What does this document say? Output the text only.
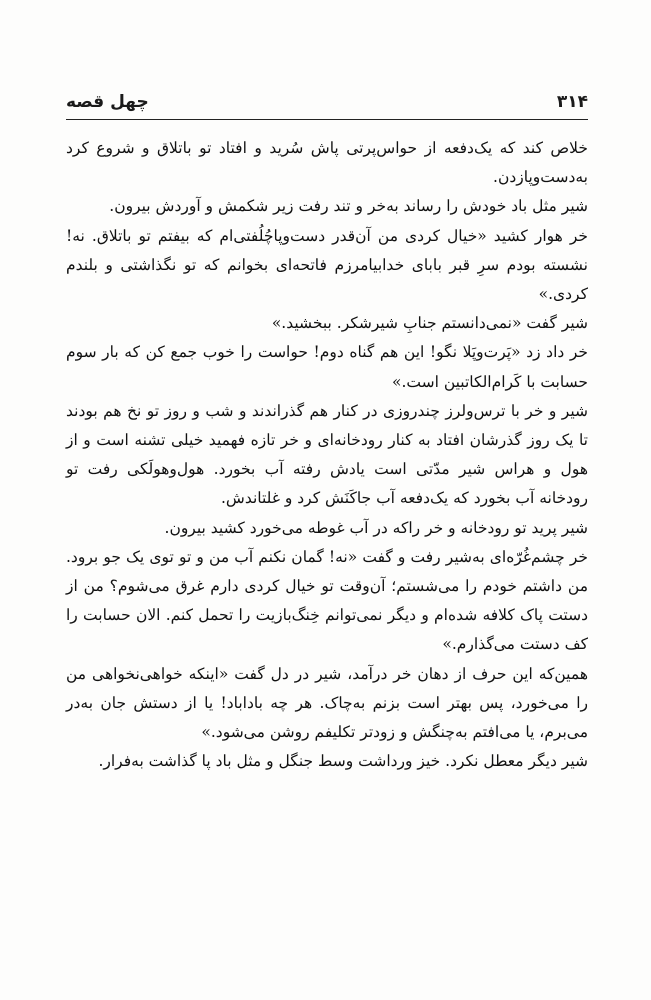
۳۱۴
چهل قصه

خلاص کند که یک‌دفعه از حواس‌پرتی پاش سُرید و افتاد تو باتلاق و شروع کرد به‌دست‌وپازدن.

شیر مثل باد خودش را رساند به‌خر و تند رفت زیر شکمش و آوردش بیرون.

خر هوار کشید «خیال کردی من آن‌قدر دست‌وپاچُلُفتی‌ام که بیفتم تو باتلاق. نه! نشسته بودم سرِ قبر بابای خدابیامرزم فاتحه‌ای بخوانم که تو نگذاشتی و بلندم کردی.»

شیر گفت «نمی‌دانستم جنابِ شیرشکر. ببخشید.»

خر داد زد «پَرت‌وپَلا نگو! این هم گناه دوم! حواست را خوب جمع کن که بار سوم حسابت با کَرام‌الکاتبین است.»

شیر و خر با ترس‌ولرز چندروزی در کنار هم گذراندند و شب و روز تو نخ هم بودند تا یک روز گذرشان افتاد به کنار رودخانه‌ای و خر تازه فهمید خیلی تشنه است و از هول و هراس شیر مدّتی است یادش رفته آب بخورد. هول‌وهولَکی رفت تو رودخانه آب بخورد که یک‌دفعه آب جاکَنَش کرد و غلتاندش.

شیر پرید تو رودخانه و خر راکه در آب غوطه می‌خورد کشید بیرون.

خر چشم‌غُرّه‌ای به‌شیر رفت و گفت «نه! گمان نکنم آب من و تو توی یک جو برود. من داشتم خودم را می‌شستم؛ آن‌وقت تو خیال کردی دارم غرق می‌شوم؟ من از دستت پاک کلافه شده‌ام و دیگر نمی‌توانم خِنگ‌بازیت را تحمل کنم. الان حسابت را کف دستت می‌گذارم.»

همین‌که این حرف از دهان خر درآمد، شیر در دل گفت «اینکه خواهی‌نخواهی من را می‌خورد، پس بهتر است بزنم به‌چاک. هر چه باداباد! یا از دستش جان به‌در می‌برم، یا می‌افتم به‌چنگش و زودتر تکلیفم روشن می‌شود.»

شیر دیگر معطل نکرد. خیز ورداشت وسط جنگل و مثل باد پا گذاشت به‌فرار.
